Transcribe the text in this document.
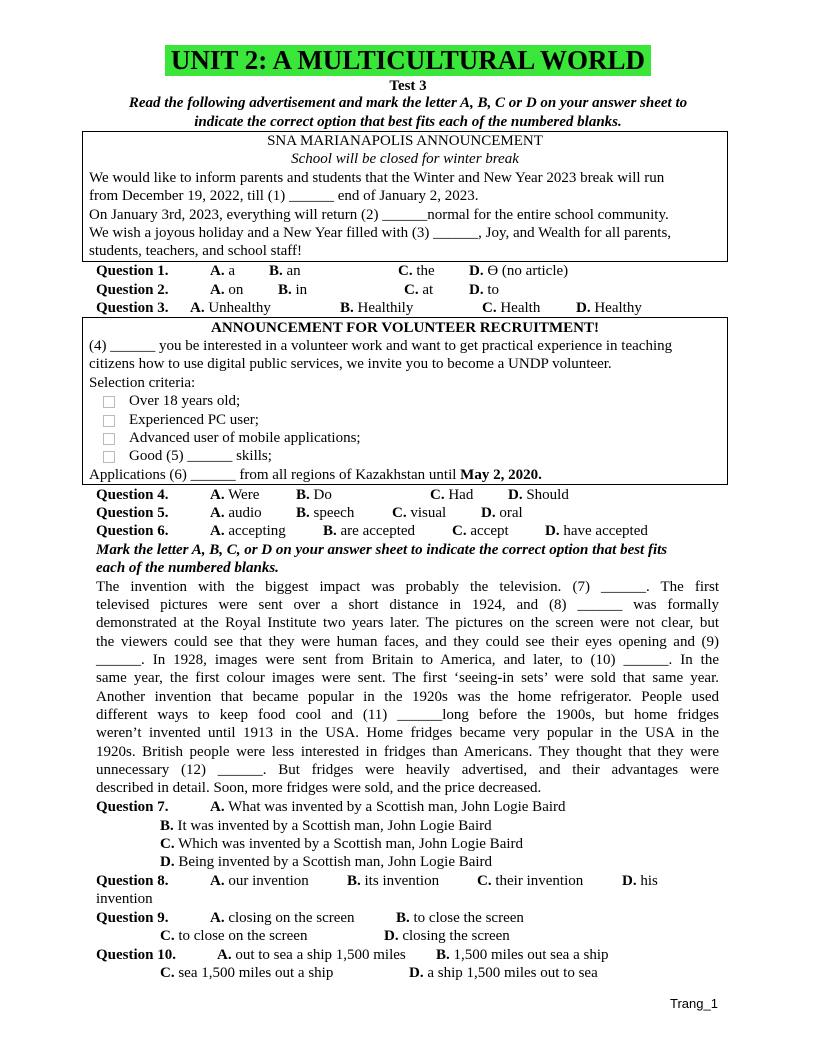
UNIT 2: A MULTICULTURAL WORLD
Test 3
Read the following advertisement and mark the letter A, B, C or D on your answer sheet to
indicate the correct option that best fits each of the numbered blanks.
SNA MARIANAPOLIS ANNOUNCEMENT
School will be closed for winter break
We would like to inform parents and students that the Winter and New Year 2023 break will run
from December 19, 2022, till (1) ______ end of January 2, 2023.
On January 3rd, 2023, everything will return (2) ______normal for the entire school community.
We wish a joyous holiday and a New Year filled with (3) ______, Joy, and Wealth for all parents,
students, teachers, and school staff!
Question 1.	A. a B. an	C. the D. Ɵ (no article)
Question 2.	A. on B. in	C. at D. to
Question 3. A. Unhealthy	B. Healthily	C. Health D. Healthy
ANNOUNCEMENT FOR VOLUNTEER RECRUITMENT!
(4) ______ you be interested in a volunteer work and want to get practical experience in teaching
citizens how to use digital public services, we invite you to become a UNDP volunteer.
Selection criteria:
Over 18 years old;
Experienced PC user;
Advanced user of mobile applications;
Good (5) ______ skills;
Applications (6) ______ from all regions of Kazakhstan until May 2, 2020.
Question 4.	A. Were B. Do	C. Had D. Should
Question 5.	A. audio B. speech	C. visual D. oral
Question 6.	A. accepting B. are accepted C. accept D. have accepted
Mark the letter A, B, C, or D on your answer sheet to indicate the correct option that best fits
each of the numbered blanks.
The invention with the biggest impact was probably the television. (7) ______. The first
televised pictures were sent over a short distance in 1924, and (8) ______ was formally
demonstrated at the Royal Institute two years later. The pictures on the screen were not clear, but
the viewers could see that they were human faces, and they could see their eyes opening and (9)
______. In 1928, images were sent from Britain to America, and later, to (10) ______. In the
same year, the first colour images were sent. The first ‘seeing-in sets’ were sold that same year.
Another invention that became popular in the 1920s was the home refrigerator. People used
different ways to keep food cool and (11) ______long before the 1900s, but home fridges
weren’t invented until 1913 in the USA. Home fridges became very popular in the USA in the
1920s. British people were less interested in fridges than Americans. They thought that they were
unnecessary (12) ______. But fridges were heavily advertised, and their advantages were
described in detail. Soon, more fridges were sold, and the price decreased.
Question 7.	A. What was invented by a Scottish man, John Logie Baird
B. It was invented by a Scottish man, John Logie Baird
C. Which was invented by a Scottish man, John Logie Baird
D. Being invented by a Scottish man, John Logie Baird
Question 8.	A. our invention	B. its invention	C. their invention	D. his
invention
Question 9.	A. closing on the screen	B. to close the screen
C. to close on the screen	D. closing the screen
Question 10.	A. out to sea a ship 1,500 miles B. 1,500 miles out sea a ship
C. sea 1,500 miles out a ship	D. a ship 1,500 miles out to sea
Trang_1
